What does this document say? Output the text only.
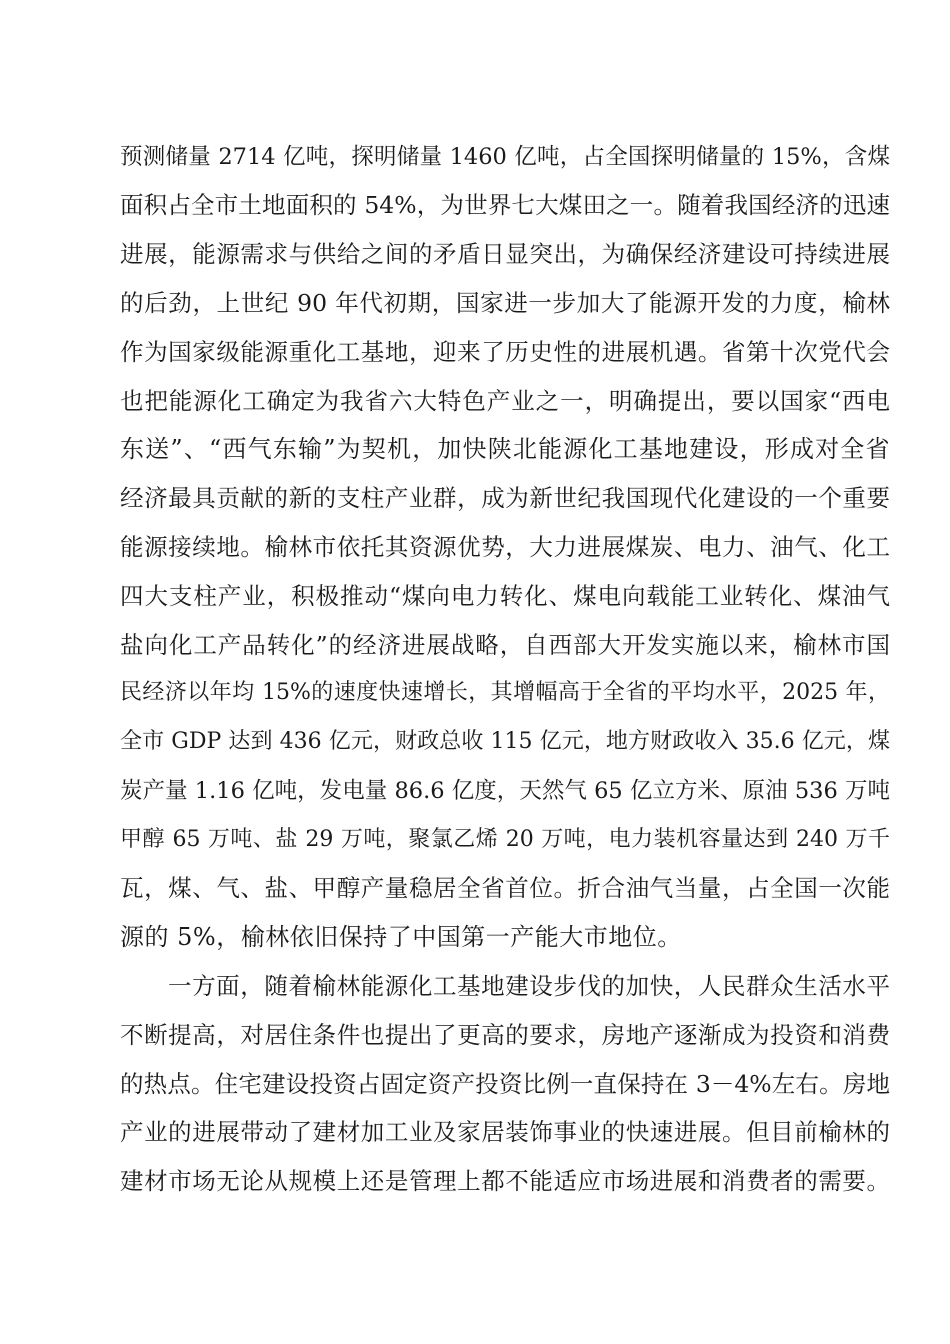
预测储量 2714 亿吨，探明储量 1460 亿吨，占全国探明储量的 15%，含煤
面积占全市土地面积的 54%，为世界七大煤田之一。随着我国经济的迅速
进展，能源需求与供给之间的矛盾日显突出，为确保经济建设可持续进展
的后劲，上世纪 90 年代初期，国家进一步加大了能源开发的力度，榆林
作为国家级能源重化工基地，迎来了历史性的进展机遇。省第十次党代会
也把能源化工确定为我省六大特色产业之一，明确提出，要以国家“西电
东送”、“西气东输”为契机，加快陕北能源化工基地建设，形成对全省
经济最具贡献的新的支柱产业群，成为新世纪我国现代化建设的一个重要
能源接续地。榆林市依托其资源优势，大力进展煤炭、电力、油气、化工
四大支柱产业，积极推动“煤向电力转化、煤电向载能工业转化、煤油气
盐向化工产品转化”的经济进展战略，自西部大开发实施以来，榆林市国
民经济以年均 15%的速度快速增长，其增幅高于全省的平均水平，2025 年，
全市 GDP 达到 436 亿元，财政总收 115 亿元，地方财政收入 35.6 亿元，煤
炭产量 1.16 亿吨，发电量 86.6 亿度，天然气 65 亿立方米、原油 536 万吨
甲醇 65 万吨、盐 29 万吨，聚氯乙烯 20 万吨，电力装机容量达到 240 万千
瓦，煤、气、盐、甲醇产量稳居全省首位。折合油气当量，占全国一次能
源的 5%，榆林依旧保持了中国第一产能大市地位。
一方面，随着榆林能源化工基地建设步伐的加快，人民群众生活水平
不断提高，对居住条件也提出了更高的要求，房地产逐渐成为投资和消费
的热点。住宅建设投资占固定资产投资比例一直保持在 3－4%左右。房地
产业的进展带动了建材加工业及家居装饰事业的快速进展。但目前榆林的
建材市场无论从规模上还是管理上都不能适应市场进展和消费者的需要。
